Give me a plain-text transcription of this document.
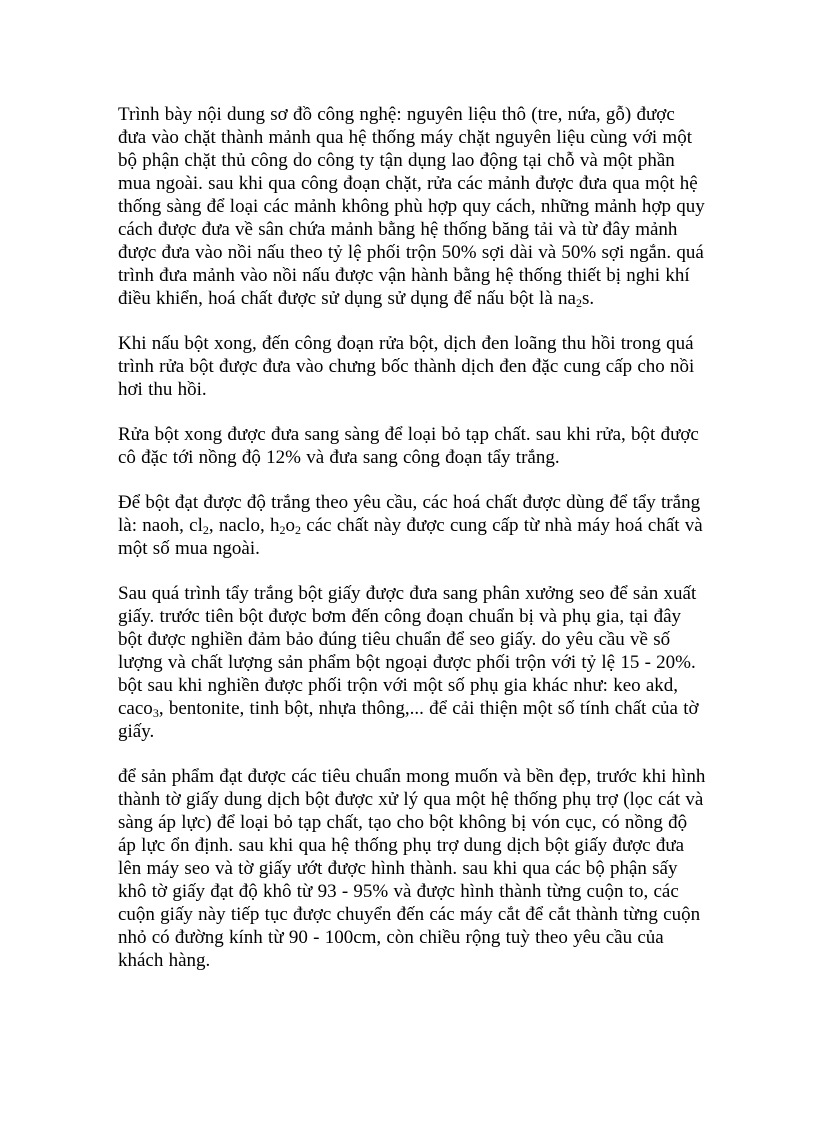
Trình bày nội dung sơ đồ công nghệ: nguyên liệu thô (tre, nứa, gỗ) được đưa vào chặt thành mảnh qua hệ thống máy chặt nguyên liệu cùng với một bộ phận chặt thủ công do công ty tận dụng lao động tại chỗ và một phần mua ngoài. sau khi qua công đoạn chặt, rửa các mảnh được đưa qua một hệ thống sàng để loại các mảnh không phù hợp quy cách, những mảnh hợp quy cách được đưa về sân chứa mảnh bằng hệ thống băng tải và từ đây mảnh được đưa vào nồi nấu theo tỷ lệ phối trộn 50% sợi dài và 50% sợi ngắn. quá trình đưa mảnh vào nồi nấu được vận hành bằng hệ thống thiết bị nghi khí điều khiển, hoá chất được sử dụng sử dụng để nấu bột là $na_2s$.

Khi nấu bột xong, đến công đoạn rửa bột, dịch đen loãng thu hồi trong quá trình rửa bột được đưa vào chưng bốc thành dịch đen đặc cung cấp cho nồi hơi thu hồi.

Rửa bột xong được đưa sang sàng để loại bỏ tạp chất. sau khi rửa, bột được cô đặc tới nồng độ 12% và đưa sang công đoạn tẩy trắng.

Để bột đạt được độ trắng theo yêu cầu, các hoá chất được dùng để tẩy trắng là: naoh, $cl_2$, naclo, $h_2o_2$ các chất này được cung cấp từ nhà máy hoá chất và một số mua ngoài.

Sau quá trình tẩy trắng bột giấy được đưa sang phân xưởng seo để sản xuất giấy. trước tiên bột được bơm đến công đoạn chuẩn bị và phụ gia, tại đây bột được nghiền đảm bảo đúng tiêu chuẩn để seo giấy. do yêu cầu về số lượng và chất lượng sản phẩm bột ngoại được phối trộn với tỷ lệ 15 - 20%. bột sau khi nghiền được phối trộn với một số phụ gia khác như: keo akd, caco$_3$, bentonite, tinh bột, nhựa thông,... để cải thiện một số tính chất của tờ giấy.

để sản phẩm đạt được các tiêu chuẩn mong muốn và bền đẹp, trước khi hình thành tờ giấy dung dịch bột được xử lý qua một hệ thống phụ trợ (lọc cát và sàng áp lực) để loại bỏ tạp chất, tạo cho bột không bị vón cục, có nồng độ áp lực ổn định. sau khi qua hệ thống phụ trợ dung dịch bột giấy được đưa lên máy seo và tờ giấy ướt được hình thành. sau khi qua các bộ phận sấy khô tờ giấy đạt độ khô từ 93 - 95% và được hình thành từng cuộn to, các cuộn giấy này tiếp tục được chuyển đến các máy cắt để cắt thành từng cuộn nhỏ có đường kính từ 90 - 100cm, còn chiều rộng tuỳ theo yêu cầu của khách hàng.
